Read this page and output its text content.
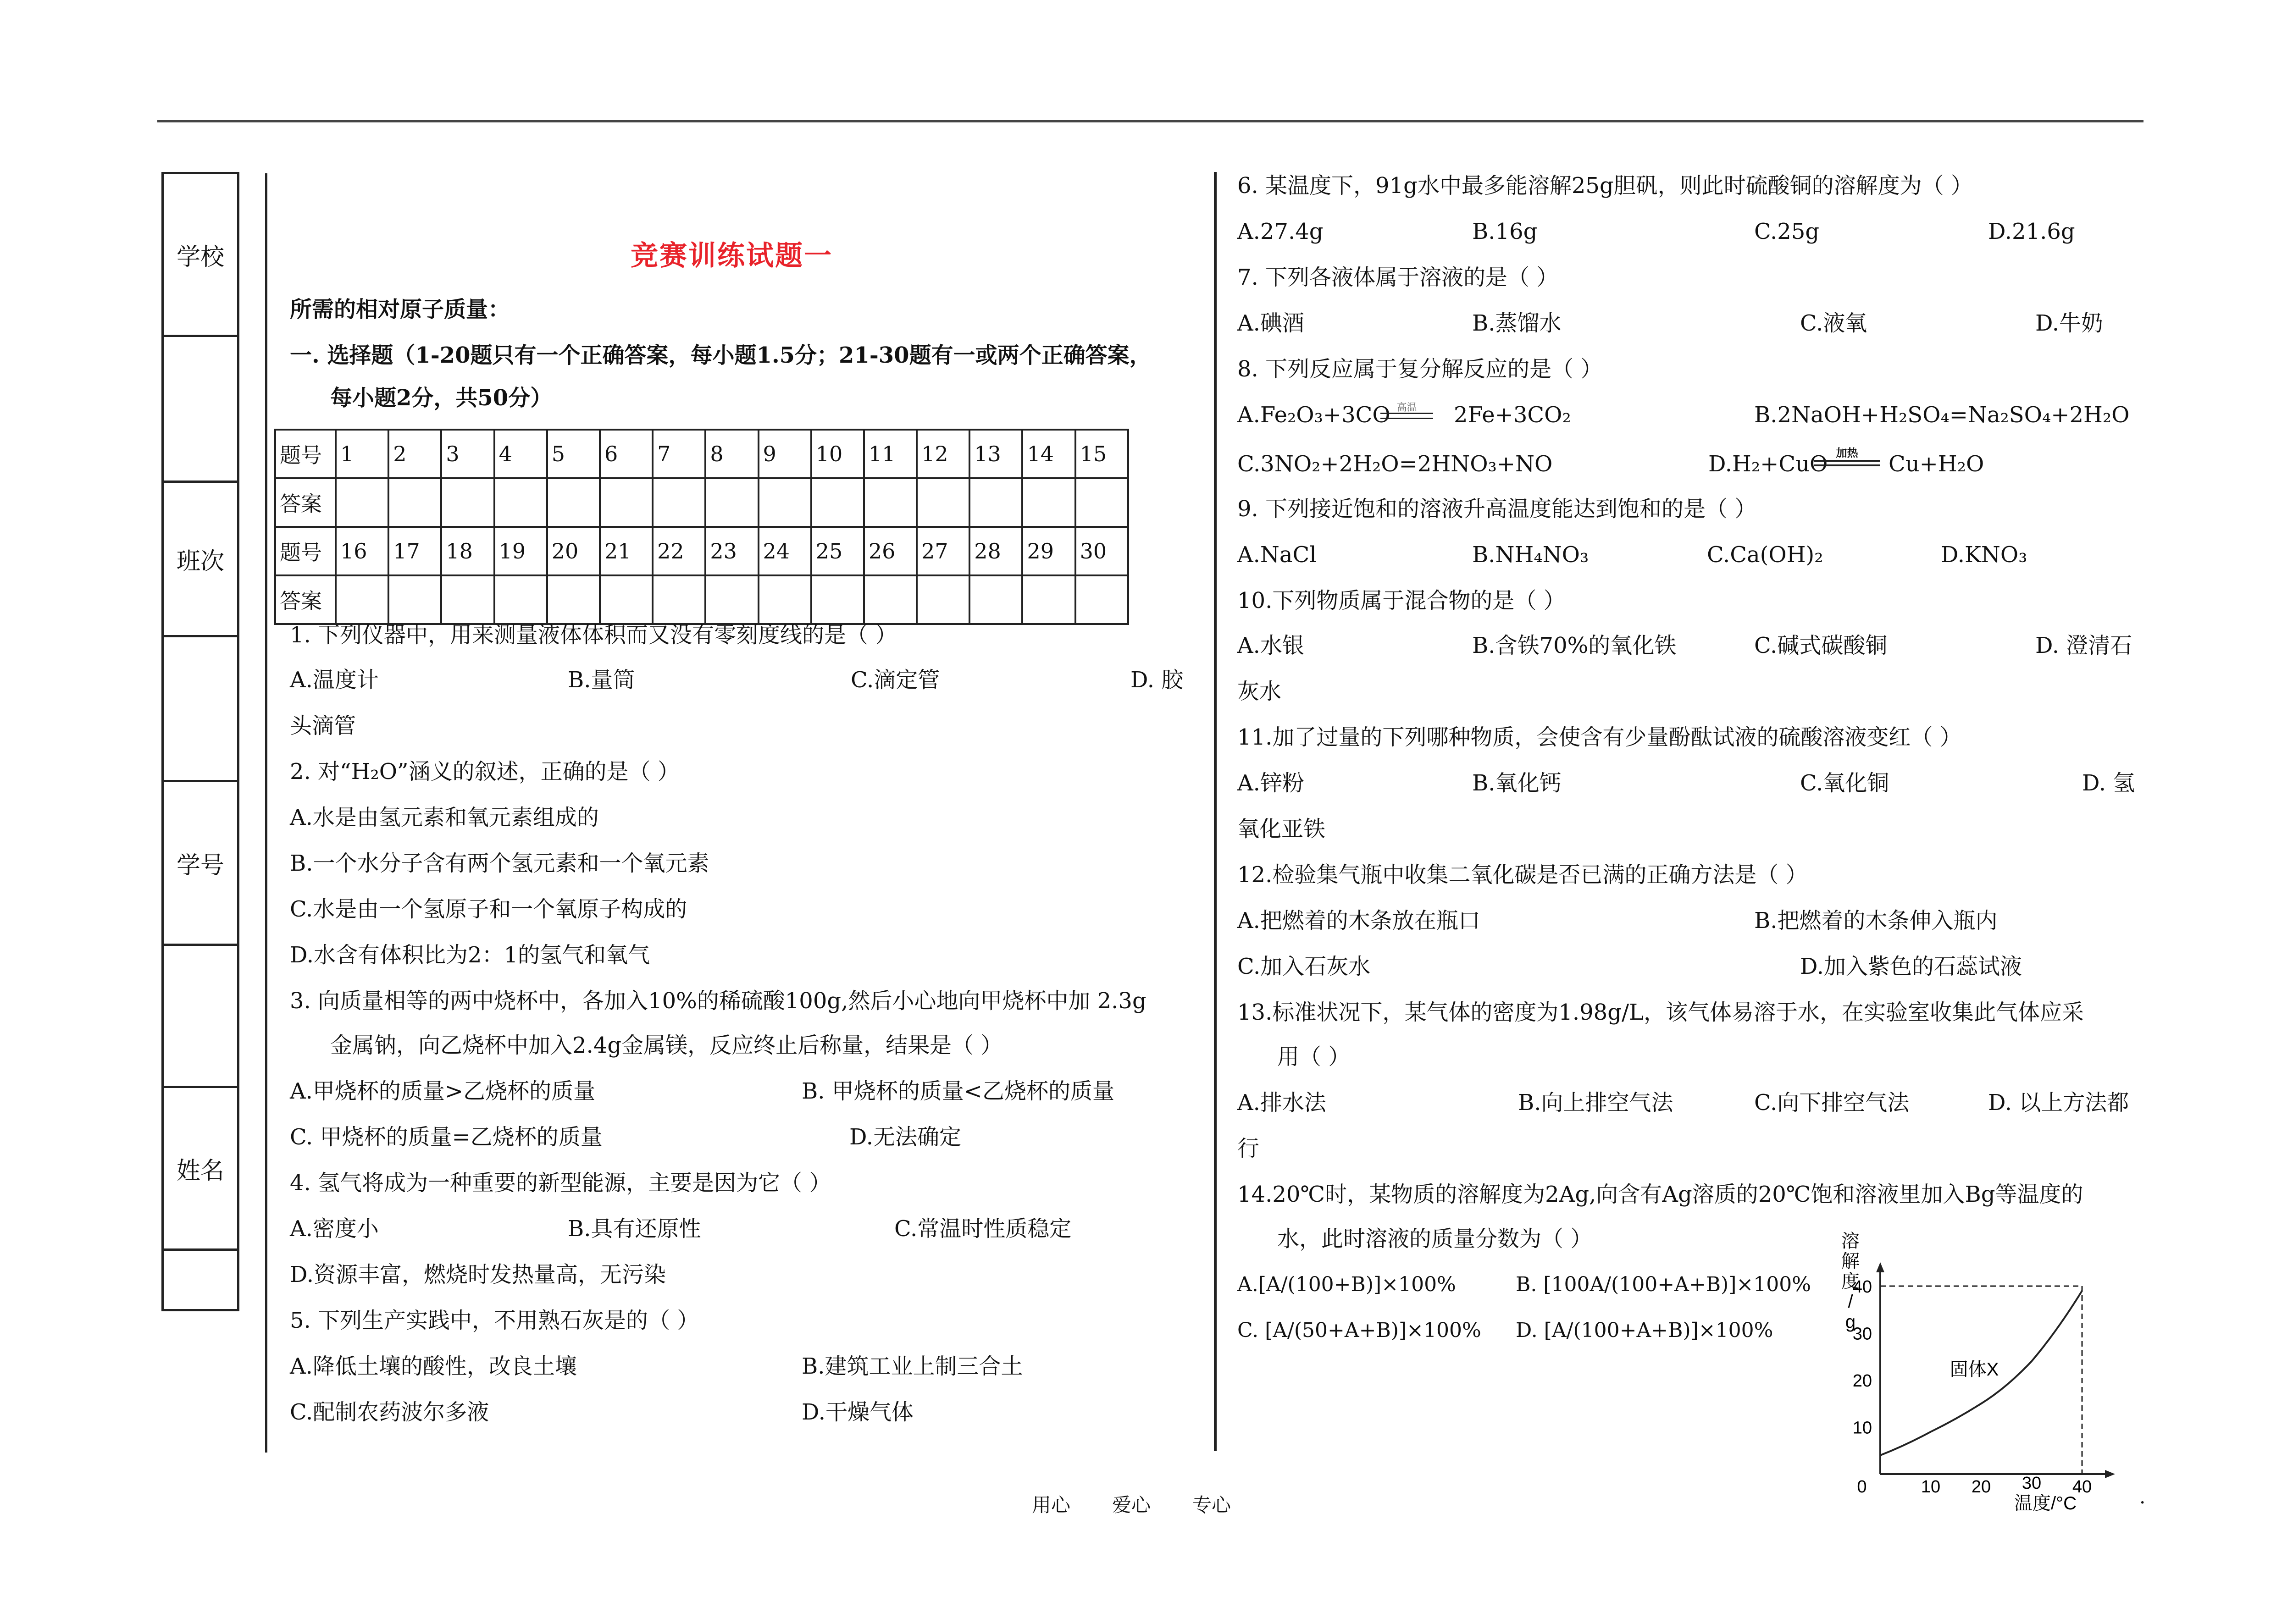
学校
班次
学号
姓名
竞赛训练试题一
所需的相对原子质量：
一. 选择题（1-20题只有一个正确答案，每小题1.5分；21-30题有一或两个正确答案，
每小题2分，共50分）
题号	1	2	3	4	5	6	7	8	9	10	11	12	13	14	15
答案															
题号	16	17	18	19	20	21	22	23	24	25	26	27	28	29	30
答案															
1. 下列仪器中，用来测量液体体积而又没有零刻度线的是（ ）
A.温度计	B.量筒	C.滴定管	D. 胶
头滴管
2. 对“H₂O”涵义的叙述，正确的是（ ）
A.水是由氢元素和氧元素组成的
B.一个水分子含有两个氢元素和一个氧元素
C.水是由一个氢原子和一个氧原子构成的
D.水含有体积比为2：1的氢气和氧气
3. 向质量相等的两中烧杯中，各加入10%的稀硫酸100g,然后小心地向甲烧杯中加 2.3g
金属钠，向乙烧杯中加入2.4g金属镁，反应终止后称量，结果是（ ）
A.甲烧杯的质量>乙烧杯的质量	B. 甲烧杯的质量<乙烧杯的质量
C. 甲烧杯的质量=乙烧杯的质量	D.无法确定
4. 氢气将成为一种重要的新型能源，主要是因为它（ ）
A.密度小	B.具有还原性	C.常温时性质稳定
D.资源丰富，燃烧时发热量高，无污染
5. 下列生产实践中，不用熟石灰是的（ ）
A.降低土壤的酸性，改良土壤	B.建筑工业上制三合土
C.配制农药波尔多液	D.干燥气体
6. 某温度下，91g水中最多能溶解25g胆矾，则此时硫酸铜的溶解度为（ ）
A.27.4g	B.16g	C.25g	D.21.6g
7. 下列各液体属于溶液的是（ ）
A.碘酒	B.蒸馏水	C.液氧	D.牛奶
8. 下列反应属于复分解反应的是（ ）
A.Fe₂O₃+3CO 高温	2Fe+3CO₂	B.2NaOH+H₂SO₄=Na₂SO₄+2H₂O
C.3NO₂+2H₂O=2HNO₃+NO	D.H₂+CuO 加热	Cu+H₂O
9. 下列接近饱和的溶液升高温度能达到饱和的是（ ）
A.NaCl	B.NH₄NO₃	C.Ca(OH)₂	D.KNO₃
10.下列物质属于混合物的是（ ）
A.水银	B.含铁70%的氧化铁	C.碱式碳酸铜	D. 澄清石
灰水
11.加了过量的下列哪种物质，会使含有少量酚酞试液的硫酸溶液变红（ ）
A.锌粉	B.氧化钙	C.氧化铜	D. 氢
氧化亚铁
12.检验集气瓶中收集二氧化碳是否已满的正确方法是（ ）
A.把燃着的木条放在瓶口	B.把燃着的木条伸入瓶内
C.加入石灰水	D.加入紫色的石蕊试液
13.标准状况下，某气体的密度为1.98g/L，该气体易溶于水，在实验室收集此气体应采
用（ ）
A.排水法	B.向上排空气法	C.向下排空气法	D. 以上方法都
行
14.20℃时，某物质的溶解度为2Ag,向含有Ag溶质的20℃饱和溶液里加入Bg等温度的
水，此时溶液的质量分数为（ ）
A.[A/(100+B)]×100%	B. [100A/(100+A+B)]×100%
C. [A/(50+A+B)]×100% D. [A/(100+A+B)]×100%
10
20
30
40
0	10 20 30 40
溶解度/ g
温度/°C
固体X
用心 爱心 专心	.
